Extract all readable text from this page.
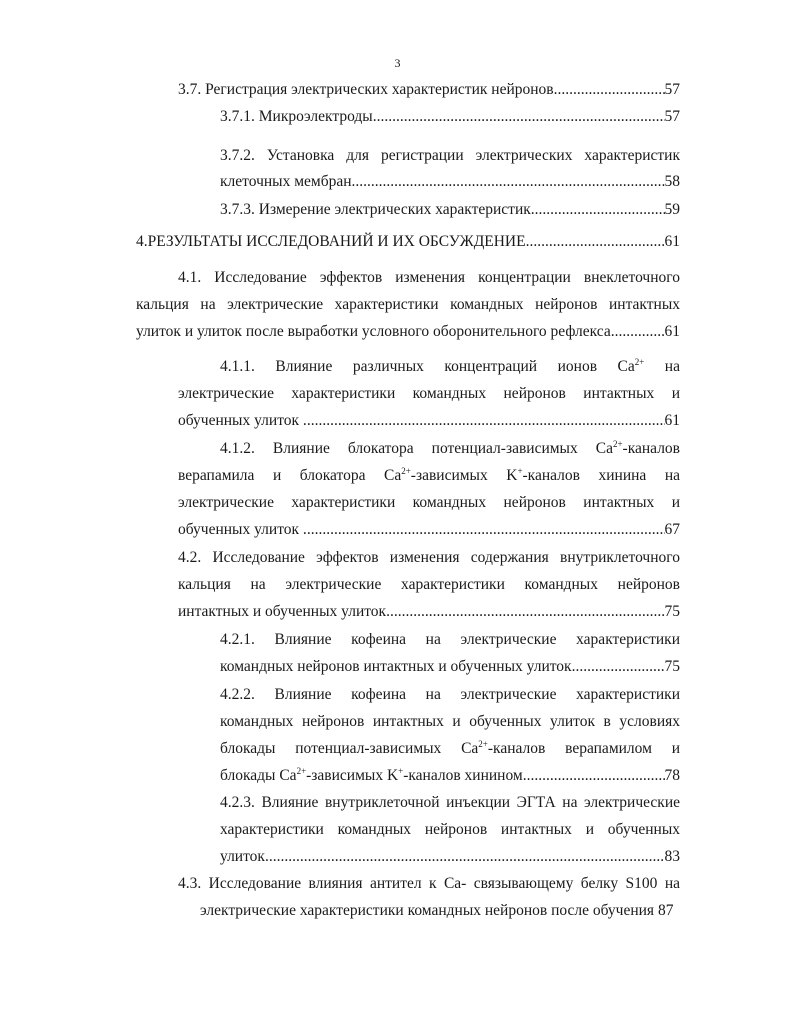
3
3.7. Регистрация электрических характеристик нейронов .....	57
3.7.1. Микроэлектроды .....	57
3.7.2. Установка для регистрации электрических характеристик
клеточных мембран .....	58
3.7.3. Измерение электрических характеристик .....	59
4.РЕЗУЛЬТАТЫ ИССЛЕДОВАНИЙ И ИХ ОБСУЖДЕНИЕ .....	61
4.1. Исследование эффектов изменения концентрации внеклеточного
кальция на электрические характеристики командных нейронов интактных
улиток и улиток после выработки условного оборонительного рефлекса .....	61
4.1.1. Влияние различных концентраций ионов $Ca^{2+}$ на
электрические характеристики командных нейронов интактных и
обученных улиток . .....	61
4.1.2. Влияние блокатора потенциал-зависимых $Ca^{2+}$-каналов
верапамила и блокатора $Ca^{2+}$-зависимых K+-каналов хинина на
электрические характеристики командных нейронов интактных и
обученных улиток . .....	67
4.2. Исследование эффектов изменения содержания внутриклеточного
кальция на электрические характеристики командных нейронов
интактных и обученных улиток .....	75
4.2.1. Влияние кофеина на электрические характеристики
командных нейронов интактных и обученных улиток .....	75
4.2.2. Влияние кофеина на электрические характеристики
командных нейронов интактных и обученных улиток в условиях
блокады потенциал-зависимых $Ca^{2+}$-каналов верапамилом и
блокады $Ca^{2+}$-зависимых K+-каналов хинином .....	78
4.2.3. Влияние внутриклеточной инъекции ЭГТА на электрические
характеристики командных нейронов интактных и обученных
улиток .....	83
4.3. Исследование влияния антител к Ca- связывающему белку S100 на
электрические характеристики командных нейронов после обучения 87
